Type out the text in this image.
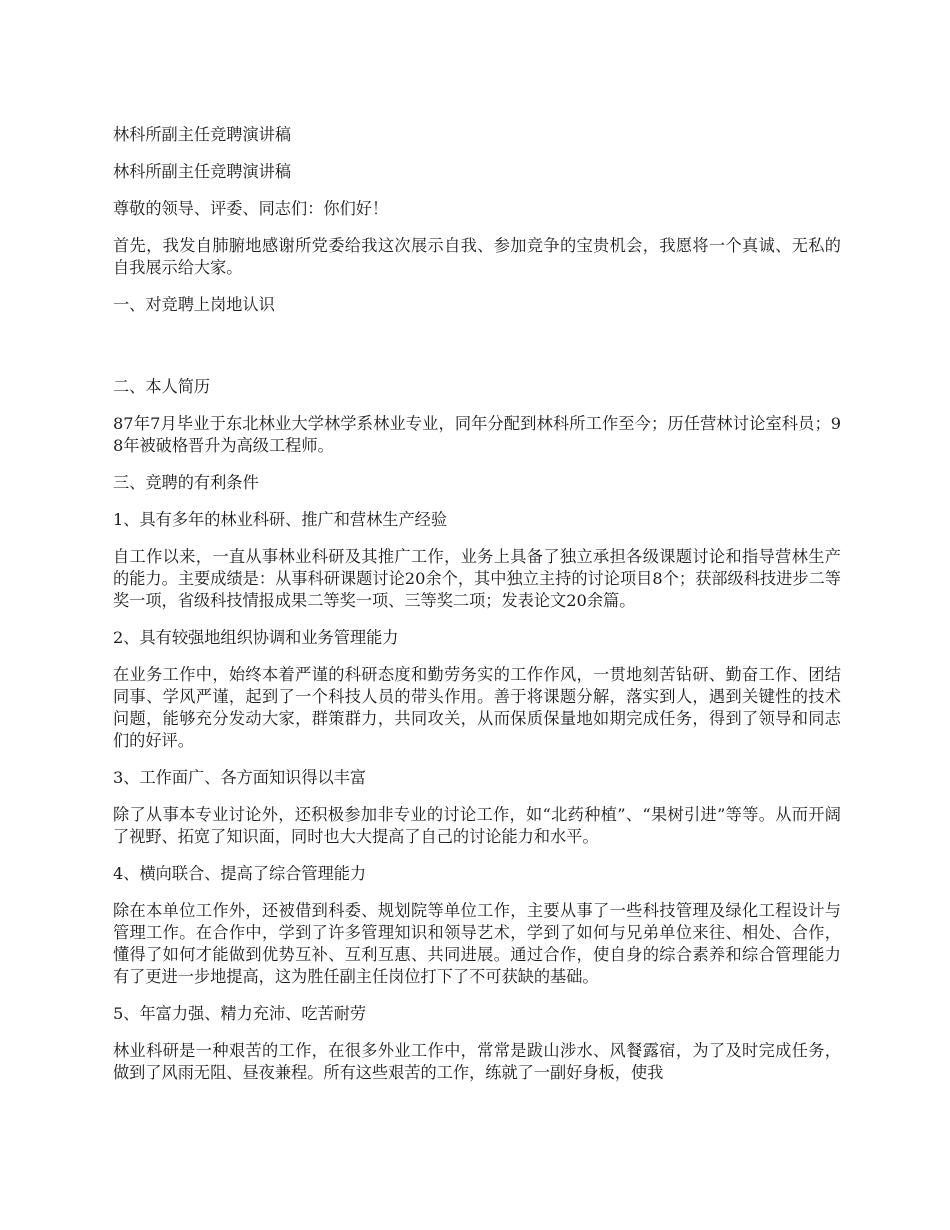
林科所副主任竞聘演讲稿

林科所副主任竞聘演讲稿

尊敬的领导、评委、同志们：你们好！

首先，我发自肺腑地感谢所党委给我这次展示自我、参加竞争的宝贵机会，我愿将一个真诚、无私的自我展示给大家。

一、对竞聘上岗地认识

二、本人简历

87年7月毕业于东北林业大学林学系林业专业，同年分配到林科所工作至今；历任营林讨论室科员；98年被破格晋升为高级工程师。

三、竞聘的有利条件

1、具有多年的林业科研、推广和营林生产经验

自工作以来，一直从事林业科研及其推广工作，业务上具备了独立承担各级课题讨论和指导营林生产的能力。主要成绩是：从事科研课题讨论20余个，其中独立主持的讨论项目8个；获部级科技进步二等奖一项，省级科技情报成果二等奖一项、三等奖二项；发表论文20余篇。

2、具有较强地组织协调和业务管理能力

在业务工作中，始终本着严谨的科研态度和勤劳务实的工作作风，一贯地刻苦钻研、勤奋工作、团结同事、学风严谨，起到了一个科技人员的带头作用。善于将课题分解，落实到人，遇到关键性的技术问题，能够充分发动大家，群策群力，共同攻关，从而保质保量地如期完成任务，得到了领导和同志们的好评。

3、工作面广、各方面知识得以丰富

除了从事本专业讨论外，还积极参加非专业的讨论工作，如“北药种植”、“果树引进”等等。从而开阔了视野、拓宽了知识面，同时也大大提高了自己的讨论能力和水平。

4、横向联合、提高了综合管理能力

除在本单位工作外，还被借到科委、规划院等单位工作，主要从事了一些科技管理及绿化工程设计与管理工作。在合作中，学到了许多管理知识和领导艺术，学到了如何与兄弟单位来往、相处、合作，懂得了如何才能做到优势互补、互利互惠、共同进展。通过合作，使自身的综合素养和综合管理能力有了更进一步地提高，这为胜任副主任岗位打下了不可获缺的基础。

5、年富力强、精力充沛、吃苦耐劳

林业科研是一种艰苦的工作，在很多外业工作中，常常是跋山涉水、风餐露宿，为了及时完成任务，做到了风雨无阻、昼夜兼程。所有这些艰苦的工作，练就了一副好身板，使我
